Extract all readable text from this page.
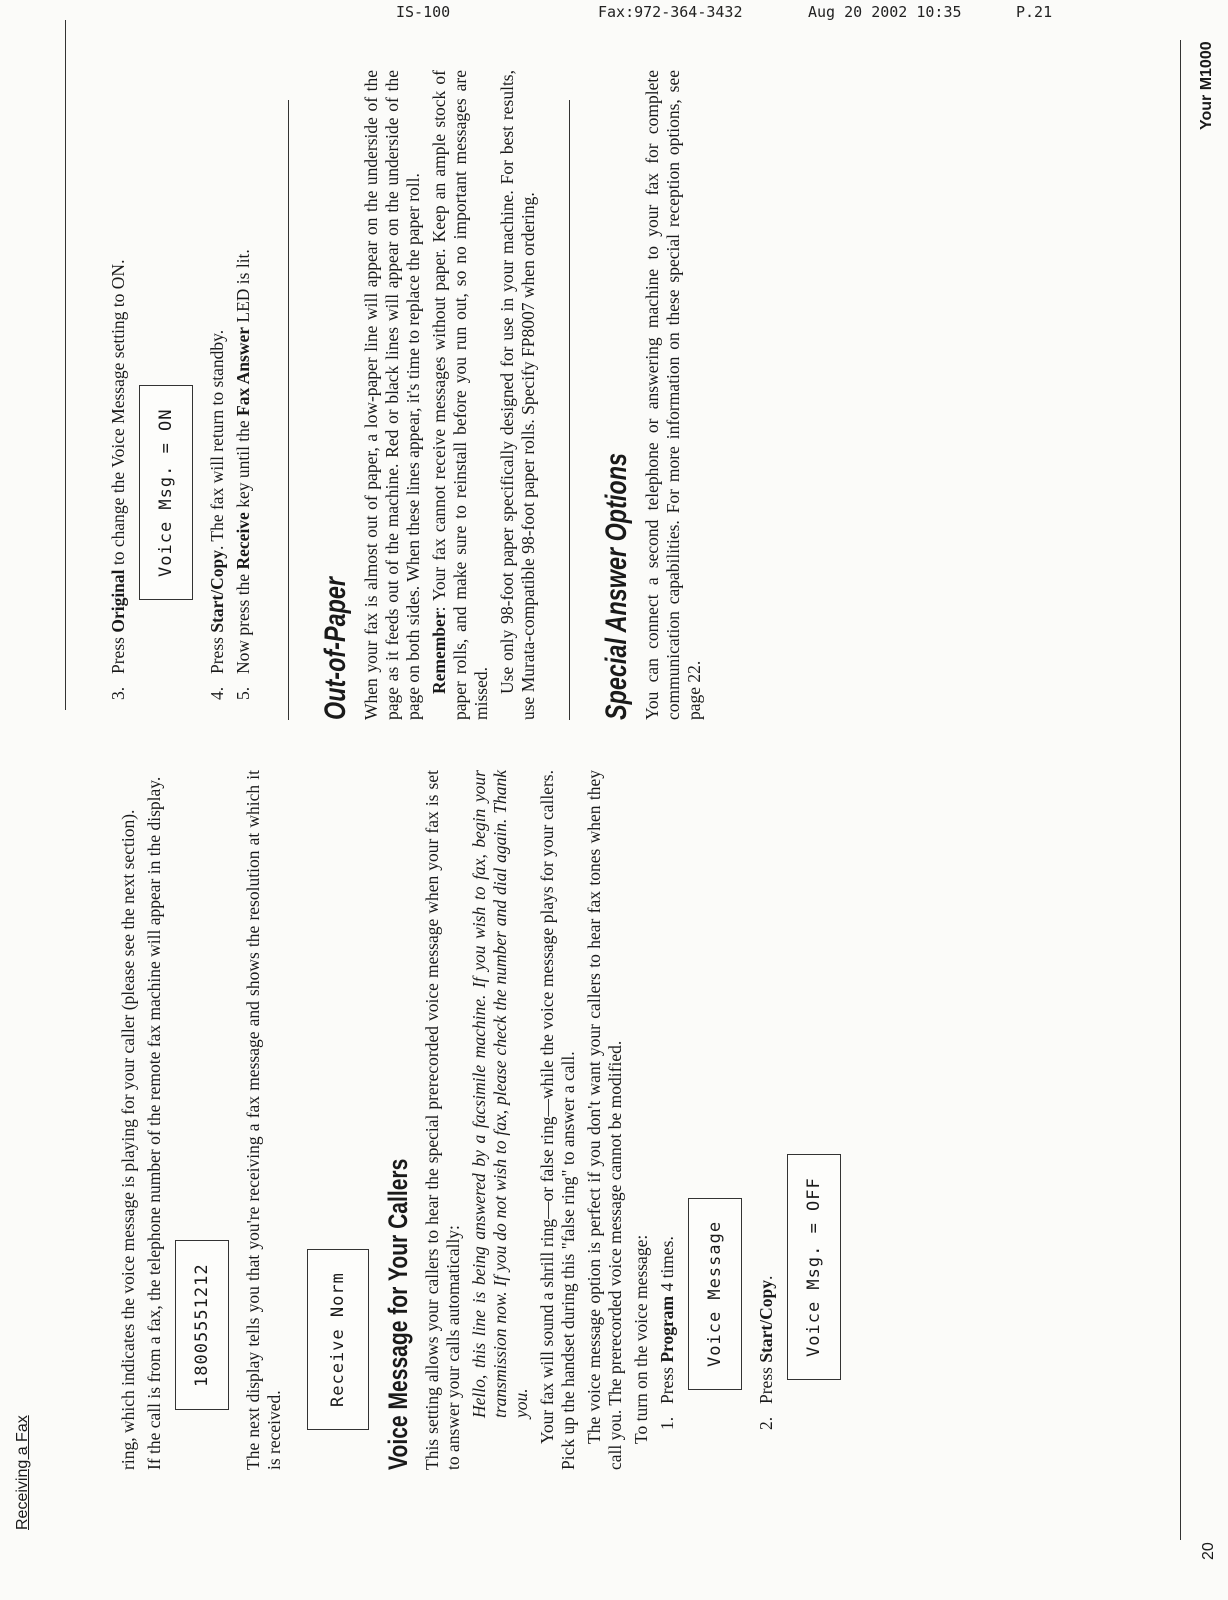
IS-100	Fax:972-364-3432	Aug 20 2002 10:35	P.21
Receiving a Fax

ring, which indicates the voice message is playing for your caller (please see the next section). If the call is from a fax, the telephone number of the remote fax machine will appear in the display.	18005551212	The next display tells you that you're receiving a fax message and shows the resolution at which it is received.

Receive Norm	Voice Message for Your Callers This setting allows your callers to hear the special prerecorded voice message when your fax is set to answer your calls automatically: Hello, this line is being answered by a facsimile machine. If you wish to fax, begin your transmission now. If you do not wish to fax, please check the number and dial again. Thank you. Your fax will sound a shrill ring—or false ring—while the voice message plays for your callers. Pick up the handset during this "false ring" to answer a call. The voice message option is perfect if you don't want your callers to hear fax tones when they call you. The prerecorded voice message cannot be modified. To turn on the voice message: 1.
Press Program 4 times.	Voice Message
2.
Press Start/Copy.	Voice Msg. = OFF
3.
Press Original to change the Voice Message setting to ON.	Voice Msg. = ON
4.
Press Start/Copy. The fax will return to standby.
5.
Now press the Receive key until the Fax Answer LED is lit.
Out-of-Paper When your fax is almost out of paper, a low-paper line will appear on the underside of the page as it feeds out of the machine. Red or black lines will appear on the underside of the page on both sides. When these lines appear, it's time to replace the paper roll. Remember: Your fax cannot receive messages without paper. Keep an ample stock of paper rolls, and make sure to reinstall before you run out, so no important messages are missed. Use only 98-foot paper specifically designed for use in your machine. For best results, use Murata-compatible 98-foot paper rolls. Specify FP8007 when ordering. Special Answer Options You can connect a second telephone or answering machine to your fax for complete communication capabilities. For more information on these special reception options, see page 22.

20
Your M1000
